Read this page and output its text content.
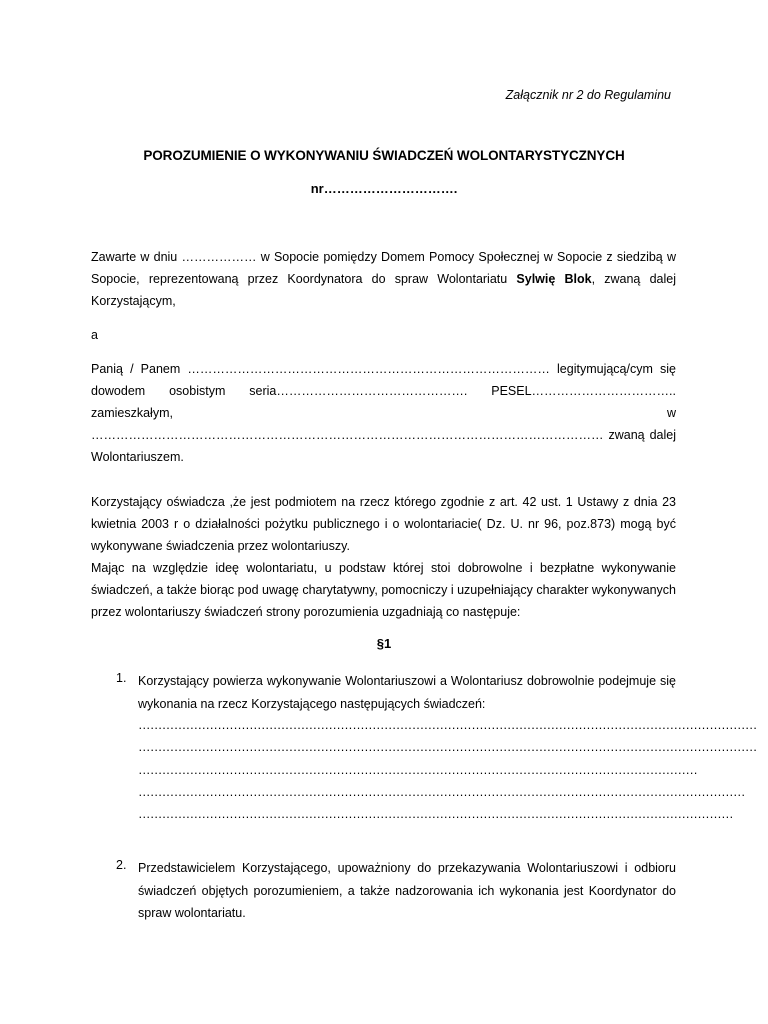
Załącznik nr 2 do Regulaminu
POROZUMIENIE O WYKONYWANIU ŚWIADCZEŃ WOLONTARYSTYCZNYCH
nr………………………….
Zawarte w dniu ……………… w Sopocie pomiędzy Domem Pomocy Społecznej w Sopocie z siedzibą w Sopocie, reprezentowaną przez Koordynatora do spraw Wolontariatu Sylwię Blok, zwaną dalej Korzystającym,
a
Panią / Panem …………………………………………………………………………… legitymującą/cym się dowodem osobistym seria………………………………………. PESEL…………………………….. zamieszkałym, w …………………………………………………………………………………………………………… zwaną dalej Wolontariuszem.
Korzystający oświadcza ,że jest podmiotem na rzecz którego zgodnie z art. 42 ust. 1 Ustawy z dnia 23 kwietnia 2003 r o działalności pożytku publicznego i o wolontariacie( Dz. U. nr 96, poz.873) mogą być wykonywane świadczenia przez wolontariuszy.
Mając na względzie ideę wolontariatu, u podstaw której stoi dobrowolne i bezpłatne wykonywanie świadczeń, a także biorąc pod uwagę charytatywny, pomocniczy i uzupełniający charakter wykonywanych przez wolontariuszy świadczeń strony porozumienia uzgadniają co następuje:
§1
1. Korzystający powierza wykonywanie Wolontariuszowi a Wolontariusz dobrowolnie podejmuje się wykonania na rzecz Korzystającego następujących świadczeń:
…………………………………………………………………………………………………………………………………………
…………………………………………………………………………………………………………………………………………
……………………………………………………………………………………………………………………………
………………………………………………………………………………………………………………………………………
……………………………………………………………………………………………………………………………………
2. Przedstawicielem Korzystającego, upoważniony do przekazywania Wolontariuszowi i odbioru świadczeń objętych porozumieniem, a także nadzorowania ich wykonania jest Koordynator do spraw wolontariatu.
